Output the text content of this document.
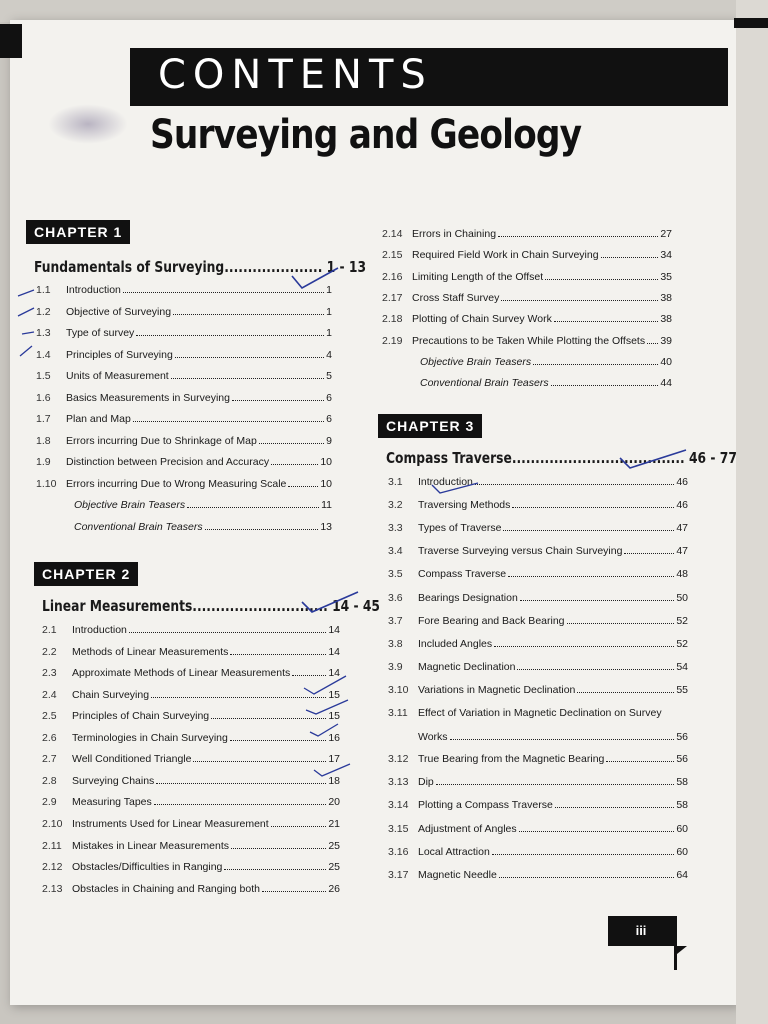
CONTENTS
Surveying and Geology
CHAPTER 1
CHAPTER 2
CHAPTER 3
Fundamentals of Surveying..................... 1 - 13
Linear Measurements............................. 14 - 45
Compass Traverse..................................... 46 - 77
1.1	Introduction	1
1.2	Objective of Surveying	1
1.3	Type of survey	1
1.4	Principles of Surveying	4
1.5	Units of Measurement	5
1.6	Basics Measurements in Surveying	6
1.7	Plan and Map	6
1.8	Errors incurring Due to Shrinkage of Map	9
1.9	Distinction between Precision and Accuracy	10
1.10 Errors incurring Due to Wrong Measuring Scale	10
Objective Brain Teasers	11
Conventional Brain Teasers	13
2.1	Introduction	14
2.2	Methods of Linear Measurements	14
2.3	Approximate Methods of Linear Measurements	14
2.4	Chain Surveying	15
2.5	Principles of Chain Surveying	15
2.6	Terminologies in Chain Surveying	16
2.7	Well Conditioned Triangle	17
2.8	Surveying Chains	18
2.9	Measuring Tapes	20
2.10 Instruments Used for Linear Measurement	21
2.11 Mistakes in Linear Measurements	25
2.12 Obstacles/Difficulties in Ranging	25
2.13 Obstacles in Chaining and Ranging both	26
2.14 Errors in Chaining	27
2.15 Required Field Work in Chain Surveying	34
2.16 Limiting Length of the Offset	35
2.17 Cross Staff Survey	38
2.18 Plotting of Chain Survey Work	38
2.19 Precautions to be Taken While Plotting the Offsets 39
Objective Brain Teasers	40
Conventional Brain Teasers	44
3.1	Introduction	46
3.2	Traversing Methods	46
3.3	Types of Traverse	47
3.4	Traverse Surveying versus Chain Surveying	47
3.5	Compass Traverse	48
3.6	Bearings Designation	50
3.7	Fore Bearing and Back Bearing	52
3.8	Included Angles	52
3.9	Magnetic Declination	54
3.10 Variations in Magnetic Declination	55
3.11 Effect of Variation in Magnetic Declination on Survey
Works	56
3.12 True Bearing from the Magnetic Bearing	56
3.13 Dip	58
3.14 Plotting a Compass Traverse	58
3.15 Adjustment of Angles	60
3.16 Local Attraction	60
3.17 Magnetic Needle	64
iii
